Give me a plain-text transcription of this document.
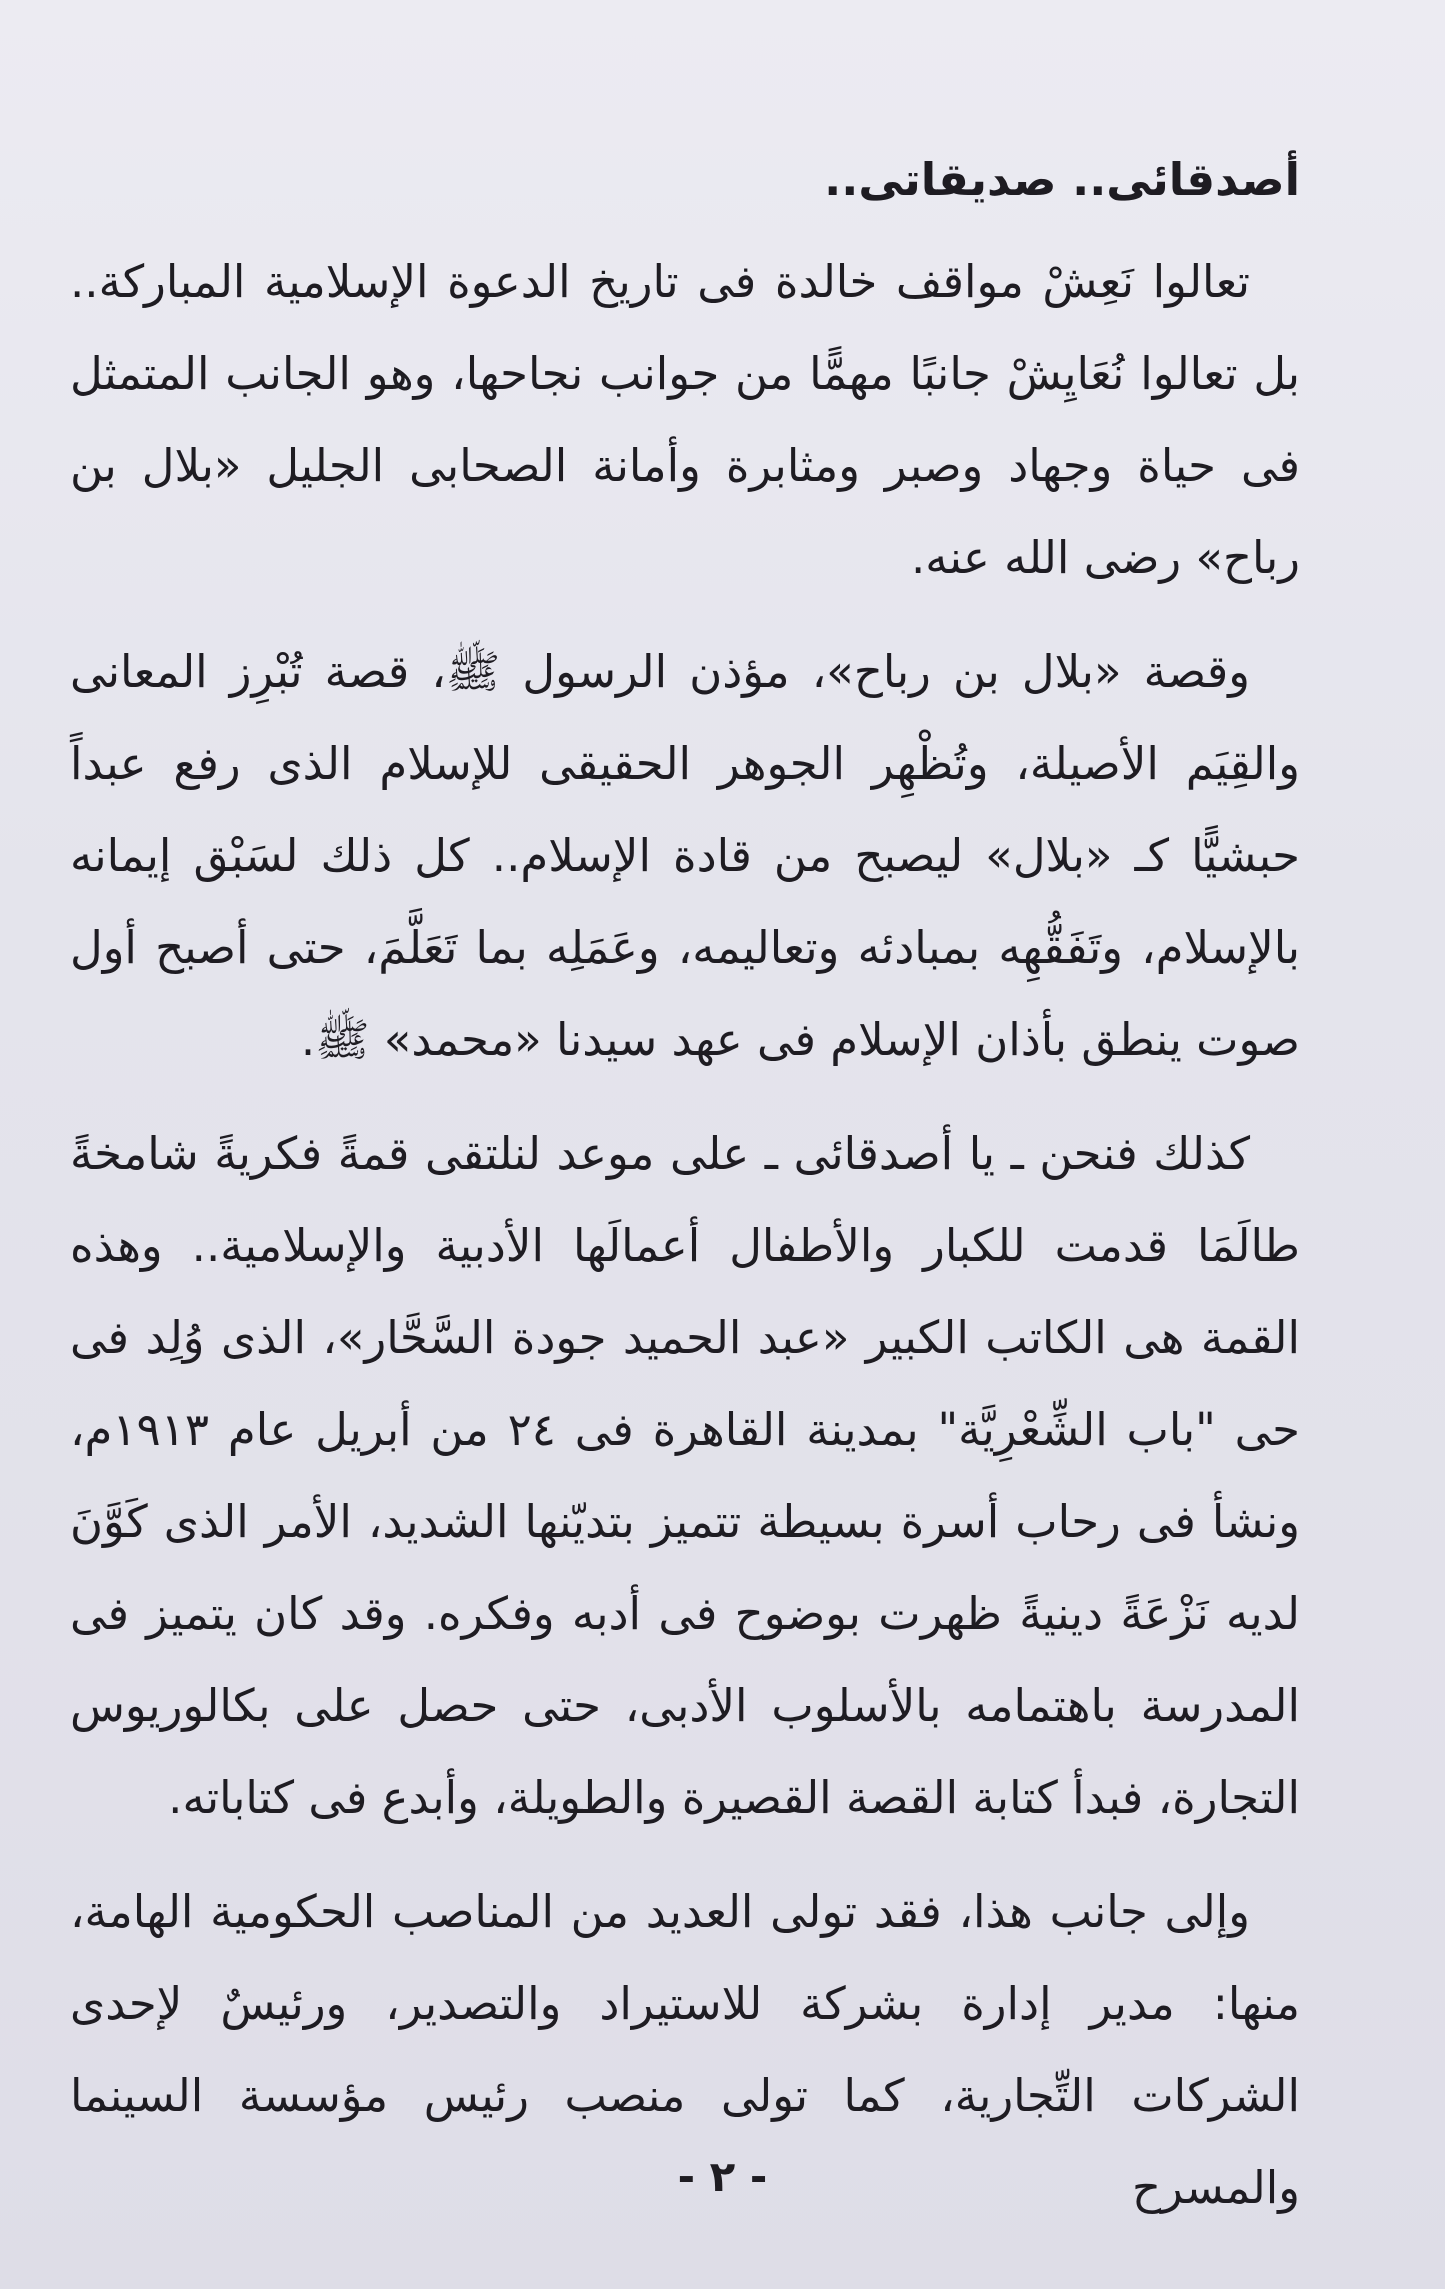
أصدقائى.. صديقاتى..

تعالوا نَعِشْ مواقف خالدة فى تاريخ الدعوة الإسلامية المباركة.. بل تعالوا نُعَايِشْ جانبًا مهمًّا من جوانب نجاحها، وهو الجانب المتمثل فى حياة وجهاد وصبر ومثابرة وأمانة الصحابى الجليل «بلال بن رباح» رضى الله عنه.

وقصة «بلال بن رباح»، مؤذن الرسول ﷺ، قصة تُبْرِز المعانى والقِيَم الأصيلة، وتُظْهِر الجوهر الحقيقى للإسلام الذى رفع عبداً حبشيًّا كـ «بلال» ليصبح من قادة الإسلام.. كل ذلك لسَبْق إيمانه بالإسلام، وتَفَقُّهِه بمبادئه وتعاليمه، وعَمَلِه بما تَعَلَّمَ، حتى أصبح أول صوت ينطق بأذان الإسلام فى عهد سيدنا «محمد» ﷺ.

كذلك فنحن ـ يا أصدقائى ـ على موعد لنلتقى قمةً فكريةً شامخةً طالَمَا قدمت للكبار والأطفال أعمالَها الأدبية والإسلامية.. وهذه القمة هى الكاتب الكبير «عبد الحميد جودة السَّحَّار»، الذى وُلِد فى حى "باب الشِّعْرِيَّة" بمدينة القاهرة فى ٢٤ من أبريل عام ١٩١٣م، ونشأ فى رحاب أسرة بسيطة تتميز بتديّنها الشديد، الأمر الذى كَوَّنَ لديه نَزْعَةً دينيةً ظهرت بوضوح فى أدبه وفكره. وقد كان يتميز فى المدرسة باهتمامه بالأسلوب الأدبى، حتى حصل على بكالوريوس التجارة، فبدأ كتابة القصة القصيرة والطويلة، وأبدع فى كتاباته.

وإلى جانب هذا، فقد تولى العديد من المناصب الحكومية الهامة، منها: مدير إدارة بشركة للاستيراد والتصدير، ورئيسٌ لإحدى الشركات التِّجارية، كما تولى منصب رئيس مؤسسة السينما والمسرح

- ٢ -
